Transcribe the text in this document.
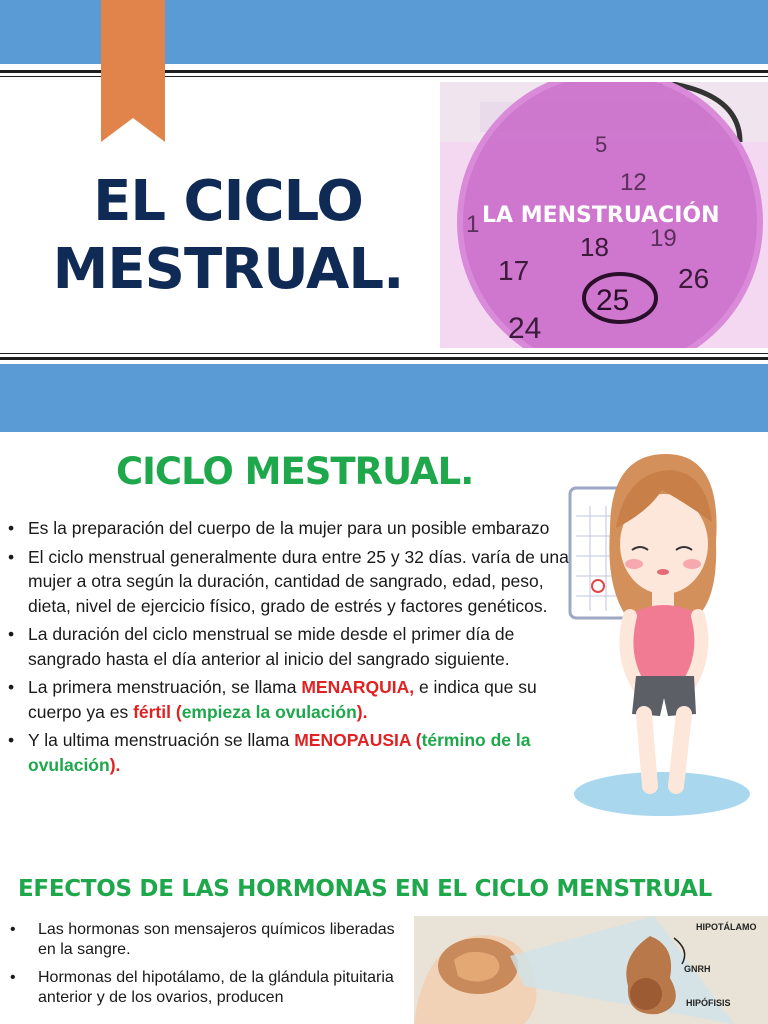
EL CICLO
MESTRUAL.
5
12
1
18 19
17	26
25
24
LA MENSTRUACIÓN
CICLO MESTRUAL.
• Es la preparación del cuerpo de la mujer para un posible embarazo
• El ciclo menstrual generalmente dura entre 25 y 32 días. varía de una mujer a otra según la duración, cantidad de sangrado, edad, peso, dieta, nivel de ejercicio físico, grado de estrés y factores genéticos.
• La duración del ciclo menstrual se mide desde el primer día de sangrado hasta el día anterior al inicio del sangrado siguiente.
• La primera menstruación, se llama MENARQUIA, e indica que su cuerpo ya es fértil (empieza la ovulación).
• Y la ultima menstruación se llama MENOPAUSIA (término de la ovulación).
EFECTOS DE LAS HORMONAS EN EL CICLO MENSTRUAL
• Las hormonas son mensajeros químicos liberadas en la sangre.
• Hormonas del hipotálamo, de la glándula pituitaria anterior y de los ovarios, producen
HIPOTÁLAMO
GNRH
HIPÓFISIS
